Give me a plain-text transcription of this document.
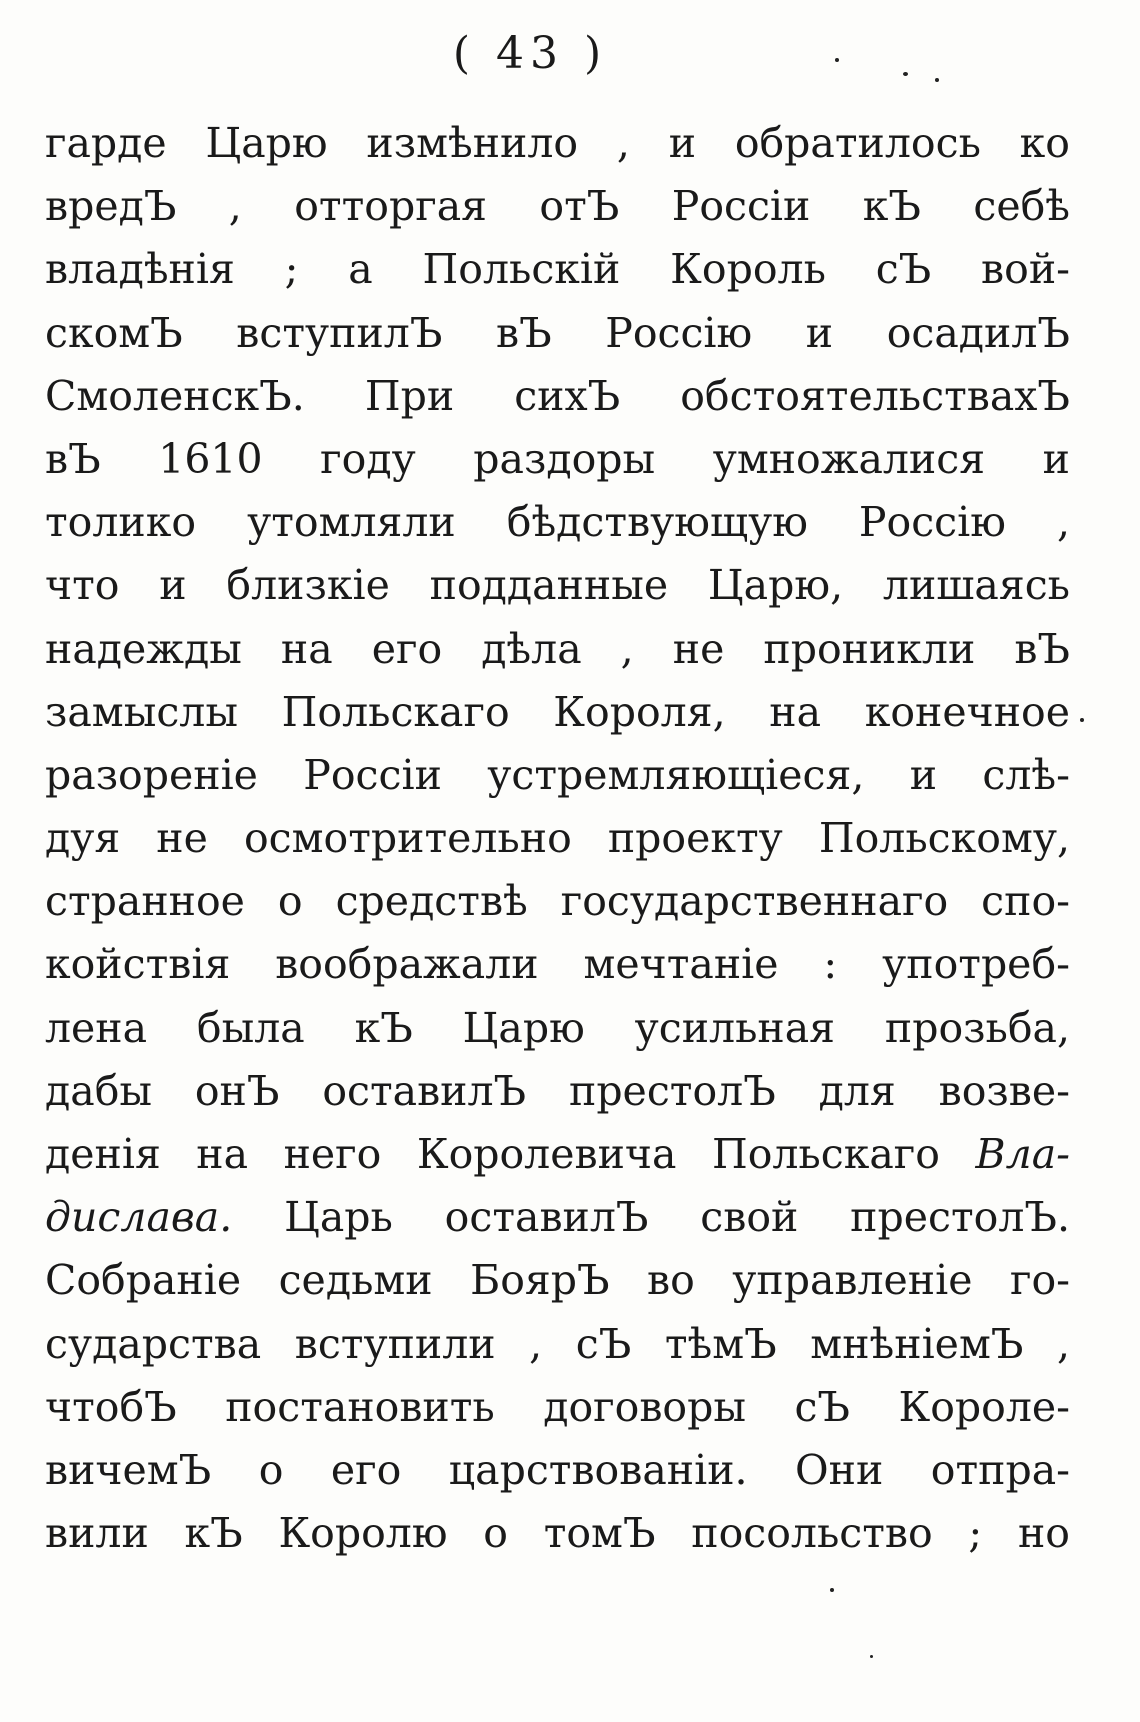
( 43 )
гарде Царю измѣнило , и обратилось ко
вредЪ , отторгая отЪ Россіи кЪ себѣ
владѣнія ; а Польскій Король сЪ вой-
скомЪ вступилЪ вЪ Россію и осадилЪ
СмоленскЪ. При сихЪ обстоятельствахЪ
вЪ 1610 году раздоры умножалися и
толико утомляли бѣдствующую Россію ,
что и близкіе подданные Царю, лишаясь
надежды на его дѣла , не проникли вЪ
замыслы Польскаго Короля, на конечное
разореніе Россіи устремляющіеся, и слѣ-
дуя не осмотрительно проекту Польскому,
странное о средствѣ государственнаго спо-
койствія воображали мечтаніе : употреб-
лена была кЪ Царю усильная прозьба,
дабы онЪ оставилЪ престолЪ для возве-
денія на него Королевича Польскаго Вла-
дислава. Царь оставилЪ свой престолЪ.
Собраніе седьми БоярЪ во управленіе го-
сударства вступили , сЪ тѣмЪ мнѣніемЪ ,
чтобЪ постановить договоры сЪ Короле-
вичемЪ о его царствованіи. Они отпра-
вили кЪ Королю о томЪ посольство ; но
